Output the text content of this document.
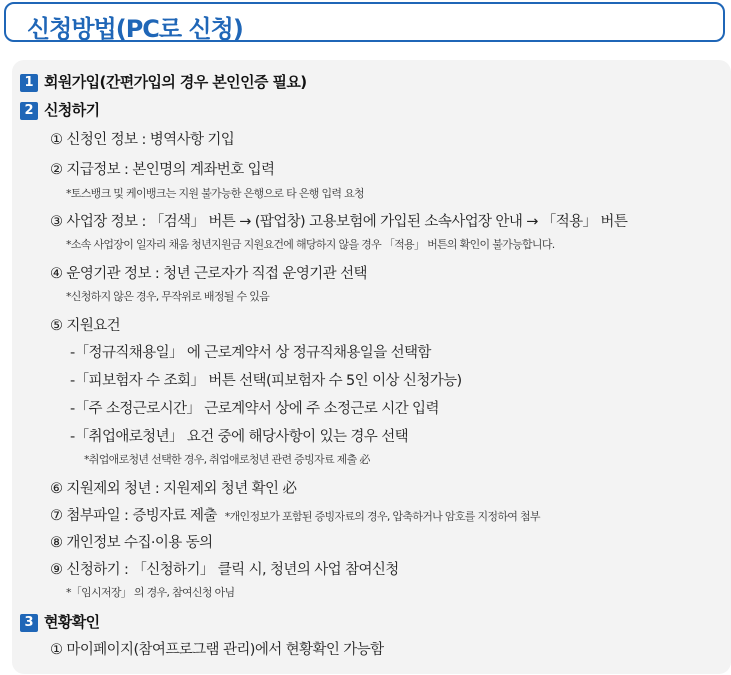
신청방법(PC로 신청)
1 회원가입(간편가입의 경우 본인인증 필요)
2 신청하기
① 신청인 정보 : 병역사항 기입
② 지급정보 : 본인명의 계좌번호 입력
*토스뱅크 및 케이뱅크는 지원 불가능한 은행으로 타 은행 입력 요청
③ 사업장 정보 : 「검색」 버튼 → (팝업창) 고용보험에 가입된 소속사업장 안내 → 「적용」 버튼
*소속 사업장이 일자리 채움 청년지원금 지원요건에 해당하지 않을 경우 「적용」 버튼의 확인이 불가능합니다.
④ 운영기관 정보 : 청년 근로자가 직접 운영기관 선택
*신청하지 않은 경우, 무작위로 배정될 수 있음
⑤ 지원요건
-「정규직채용일」 에 근로계약서 상 정규직채용일을 선택함
-「피보험자 수 조회」 버튼 선택(피보험자 수 5인 이상 신청가능)
-「주 소정근로시간」 근로계약서 상에 주 소정근로 시간 입력
-「취업애로청년」 요건 중에 해당사항이 있는 경우 선택
*취업애로청년 선택한 경우, 취업애로청년 관련 증빙자료 제출 必
⑥ 지원제외 청년 : 지원제외 청년 확인 必
⑦ 첨부파일 : 증빙자료 제출 *개인정보가 포함된 증빙자료의 경우, 압축하거나 암호를 지정하여 첨부
⑧ 개인정보 수집·이용 동의
⑨ 신청하기 : 「신청하기」 클릭 시, 청년의 사업 참여신청
*「임시저장」 의 경우, 참여신청 아님
3 현황확인
① 마이페이지(참여프로그램 관리)에서 현황확인 가능함
